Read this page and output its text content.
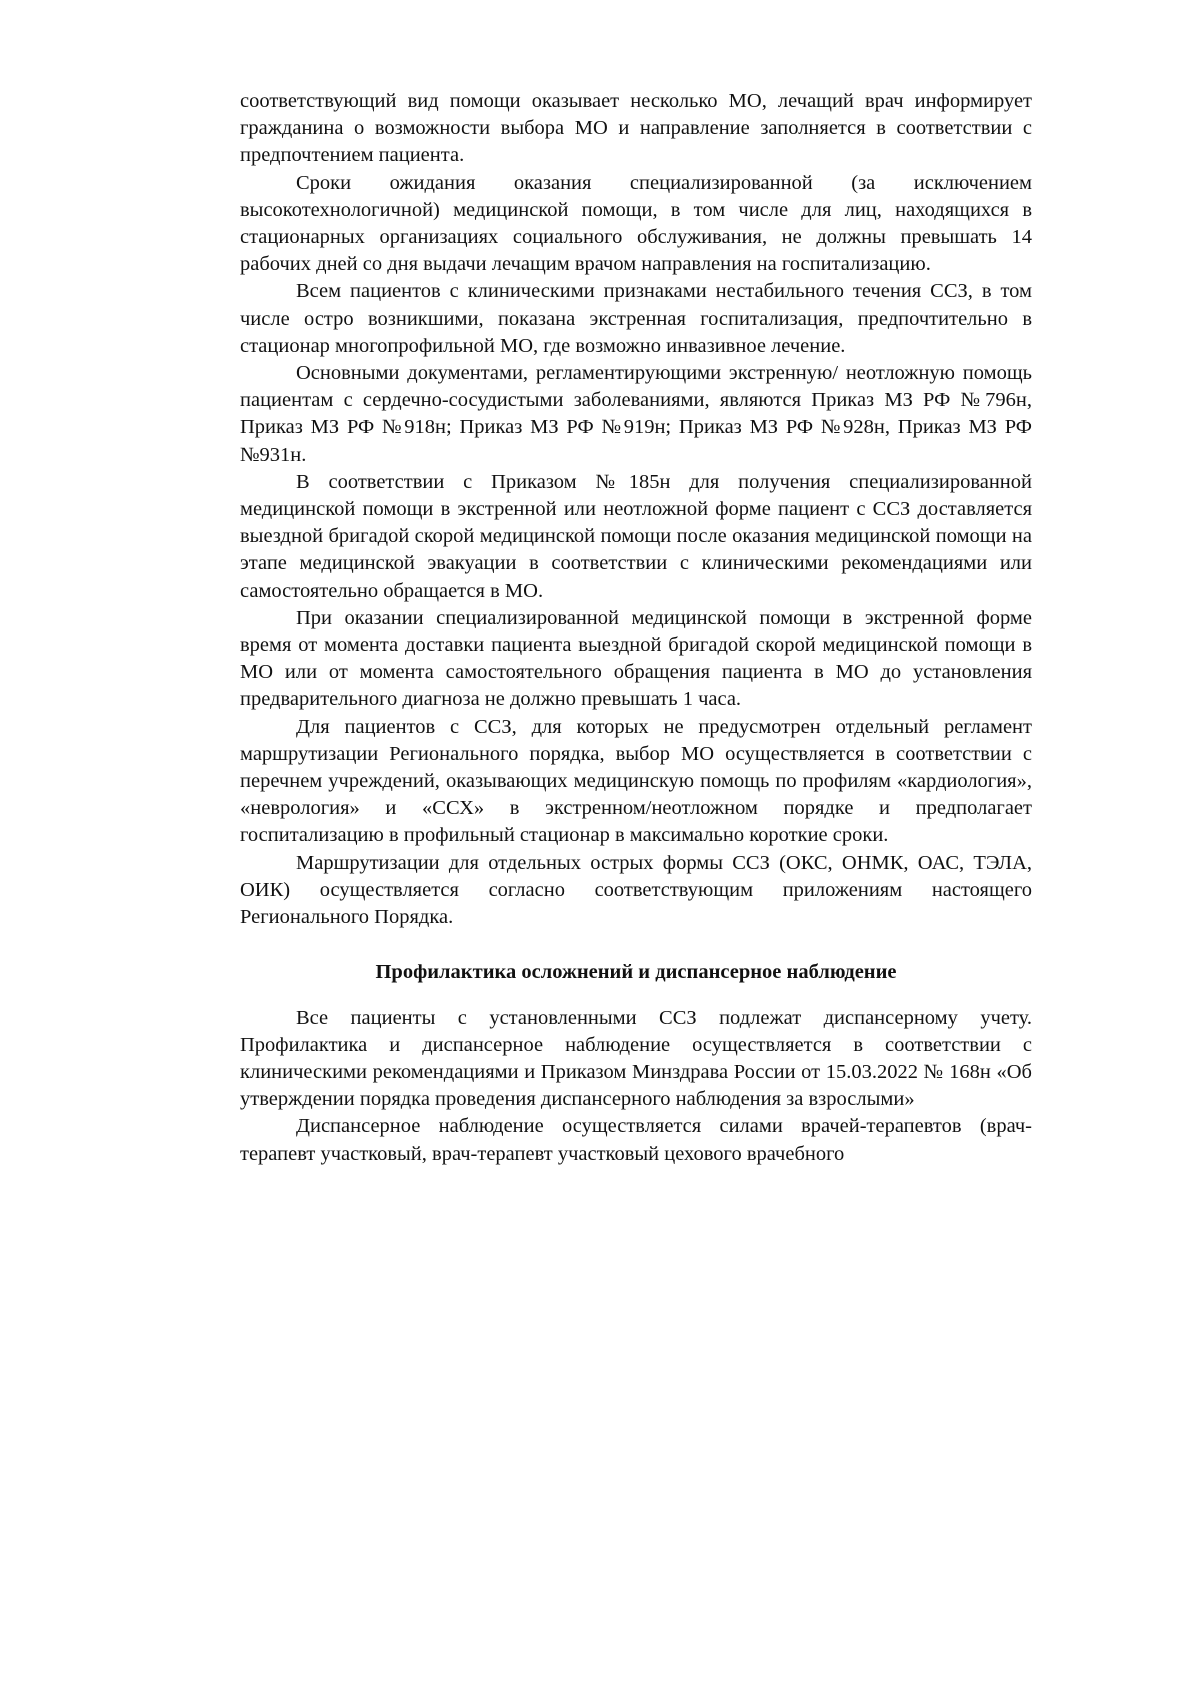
соответствующий вид помощи оказывает несколько МО, лечащий врач информирует гражданина о возможности выбора МО и направление заполняется в соответствии с предпочтением пациента.

Сроки ожидания оказания специализированной (за исключением высокотехнологичной) медицинской помощи, в том числе для лиц, находящихся в стационарных организациях социального обслуживания, не должны превышать 14 рабочих дней со дня выдачи лечащим врачом направления на госпитализацию.

Всем пациентов с клиническими признаками нестабильного течения ССЗ, в том числе остро возникшими, показана экстренная госпитализация, предпочтительно в стационар многопрофильной МО, где возможно инвазивное лечение.

Основными документами, регламентирующими экстренную/ неотложную помощь пациентам с сердечно-сосудистыми заболеваниями, являются Приказ МЗ РФ №796н, Приказ МЗ РФ №918н; Приказ МЗ РФ №919н; Приказ МЗ РФ №928н, Приказ МЗ РФ №931н.

В соответствии с Приказом №185н для получения специализированной медицинской помощи в экстренной или неотложной форме пациент с ССЗ доставляется выездной бригадой скорой медицинской помощи после оказания медицинской помощи на этапе медицинской эвакуации в соответствии с клиническими рекомендациями или самостоятельно обращается в МО.

При оказании специализированной медицинской помощи в экстренной форме время от момента доставки пациента выездной бригадой скорой медицинской помощи в МО или от момента самостоятельного обращения пациента в МО до установления предварительного диагноза не должно превышать 1 часа.

Для пациентов с ССЗ, для которых не предусмотрен отдельный регламент маршрутизации Регионального порядка, выбор МО осуществляется в соответствии с перечнем учреждений, оказывающих медицинскую помощь по профилям «кардиология», «неврология» и «ССХ» в экстренном/неотложном порядке и предполагает госпитализацию в профильный стационар в максимально короткие сроки.

Маршрутизации для отдельных острых формы ССЗ (ОКС, ОНМК, ОАС, ТЭЛА, ОИК) осуществляется согласно соответствующим приложениям настоящего Регионального Порядка.

Профилактика осложнений и диспансерное наблюдение

Все пациенты с установленными ССЗ подлежат диспансерному учету. Профилактика и диспансерное наблюдение осуществляется в соответствии с клиническими рекомендациями и Приказом Минздрава России от 15.03.2022 № 168н «Об утверждении порядка проведения диспансерного наблюдения за взрослыми»

Диспансерное наблюдение осуществляется силами врачей-терапевтов (врач-терапевт участковый, врач-терапевт участковый цехового врачебного
